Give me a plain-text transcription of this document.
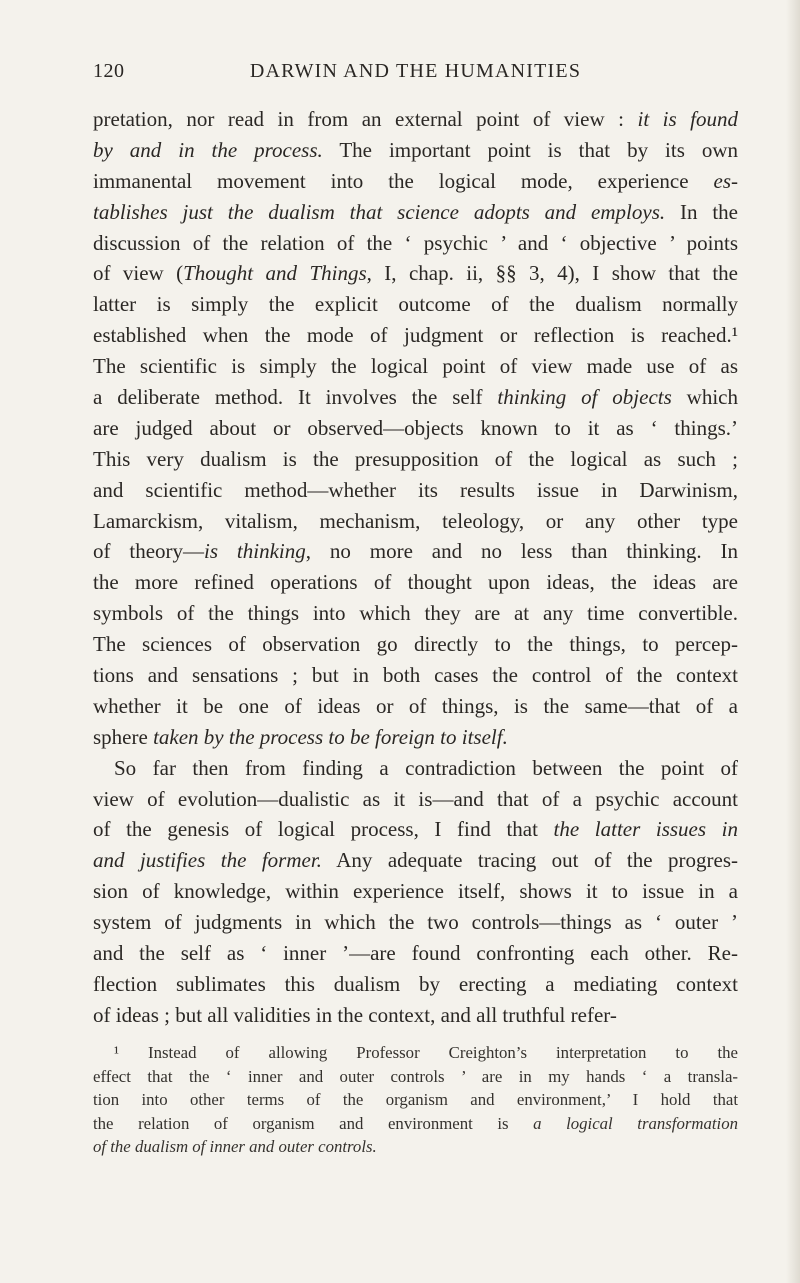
120	DARWIN AND THE HUMANITIES
pretation, nor read in from an external point of view : it is found
by and in the process. The important point is that by its own
immanental movement into the logical mode, experience es-
tablishes just the dualism that science adopts and employs. In the
discussion of the relation of the ‘ psychic ’ and ‘ objective ’ points
of view (Thought and Things, I, chap. ii, §§ 3, 4), I show that the
latter is simply the explicit outcome of the dualism normally
established when the mode of judgment or reflection is reached.¹
The scientific is simply the logical point of view made use of as
a deliberate method. It involves the self thinking of objects which
are judged about or observed—objects known to it as ‘ things.’
This very dualism is the presupposition of the logical as such ;
and scientific method—whether its results issue in Darwinism,
Lamarckism, vitalism, mechanism, teleology, or any other type
of theory—is thinking, no more and no less than thinking. In
the more refined operations of thought upon ideas, the ideas are
symbols of the things into which they are at any time convertible.
The sciences of observation go directly to the things, to percep-
tions and sensations ; but in both cases the control of the context
whether it be one of ideas or of things, is the same—that of a
sphere taken by the process to be foreign to itself.
So far then from finding a contradiction between the point of
view of evolution—dualistic as it is—and that of a psychic account
of the genesis of logical process, I find that the latter issues in
and justifies the former. Any adequate tracing out of the progres-
sion of knowledge, within experience itself, shows it to issue in a
system of judgments in which the two controls—things as ‘ outer ’
and the self as ‘ inner ’—are found confronting each other. Re-
flection sublimates this dualism by erecting a mediating context
of ideas ; but all validities in the context, and all truthful refer-
¹ Instead of allowing Professor Creighton’s interpretation to the
effect that the ‘ inner and outer controls ’ are in my hands ‘ a transla-
tion into other terms of the organism and environment,’ I hold that
the relation of organism and environment is a logical transformation
of the dualism of inner and outer controls.
